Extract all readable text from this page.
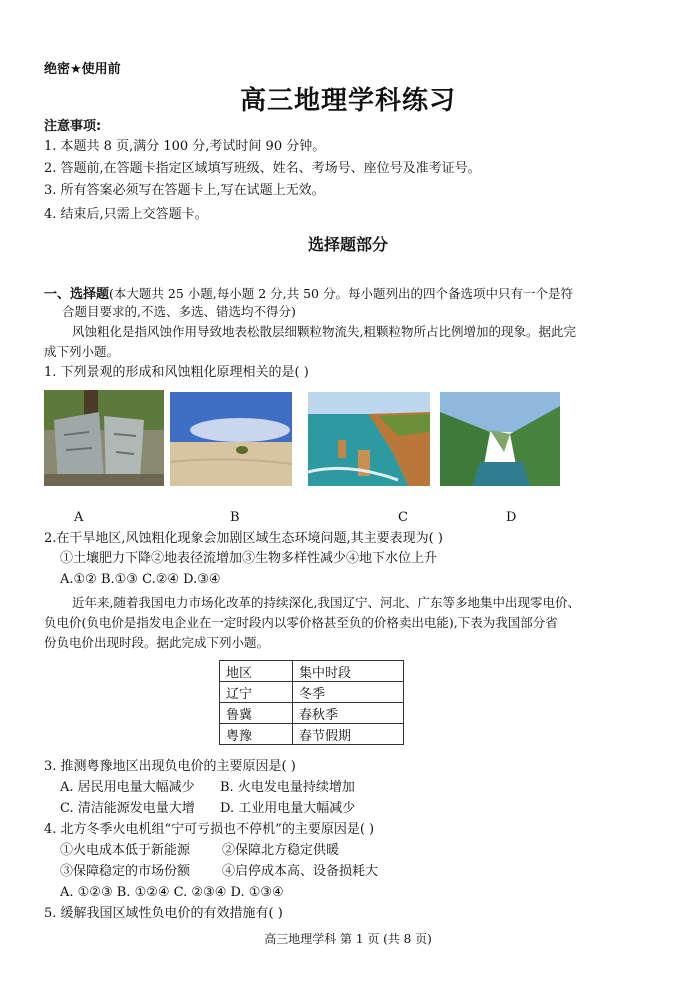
绝密★使用前
高三地理学科练习
注意事项:
1. 本题共 8 页,满分 100 分,考试时间 90 分钟。
2. 答题前,在答题卡指定区域填写班级、姓名、考场号、座位号及准考证号。
3. 所有答案必须写在答题卡上,写在试题上无效。
4. 结束后,只需上交答题卡。
选择题部分
一、选择题(本大题共 25 小题,每小题 2 分,共 50 分。每小题列出的四个备选项中只有一个是符
合题目要求的,不选、多选、错选均不得分)
风蚀粗化是指风蚀作用导致地表松散层细颗粒物流失,粗颗粒物所占比例增加的现象。据此完
成下列小题。
1. 下列景观的形成和风蚀粗化原理相关的是( )
A	B	C	D
2.在干旱地区,风蚀粗化现象会加剧区域生态环境问题,其主要表现为( )
①土壤肥力下降②地表径流增加③生物多样性减少④地下水位上升
A.①② B.①③ C.②④ D.③④
近年来,随着我国电力市场化改革的持续深化,我国辽宁、河北、广东等多地集中出现零电价、
负电价(负电价是指发电企业在一定时段内以零价格甚至负的价格卖出电能),下表为我国部分省
份负电价出现时段。据此完成下列小题。
地区	集中时段
辽宁	冬季
鲁冀	春秋季
粤豫	春节假期
3. 推测粤豫地区出现负电价的主要原因是( )
A. 居民用电量大幅减少 B. 火电发电量持续增加
C. 清洁能源发电量大增 D. 工业用电量大幅减少
4. 北方冬季火电机组“宁可亏损也不停机”的主要原因是( )
①火电成本低于新能源 ②保障北方稳定供暖
③保障稳定的市场份额 ④启停成本高、设备损耗大
A. ①②③ B. ①②④ C. ②③④ D. ①③④
5. 缓解我国区域性负电价的有效措施有( )
高三地理学科 第 1 页 (共 8 页)
